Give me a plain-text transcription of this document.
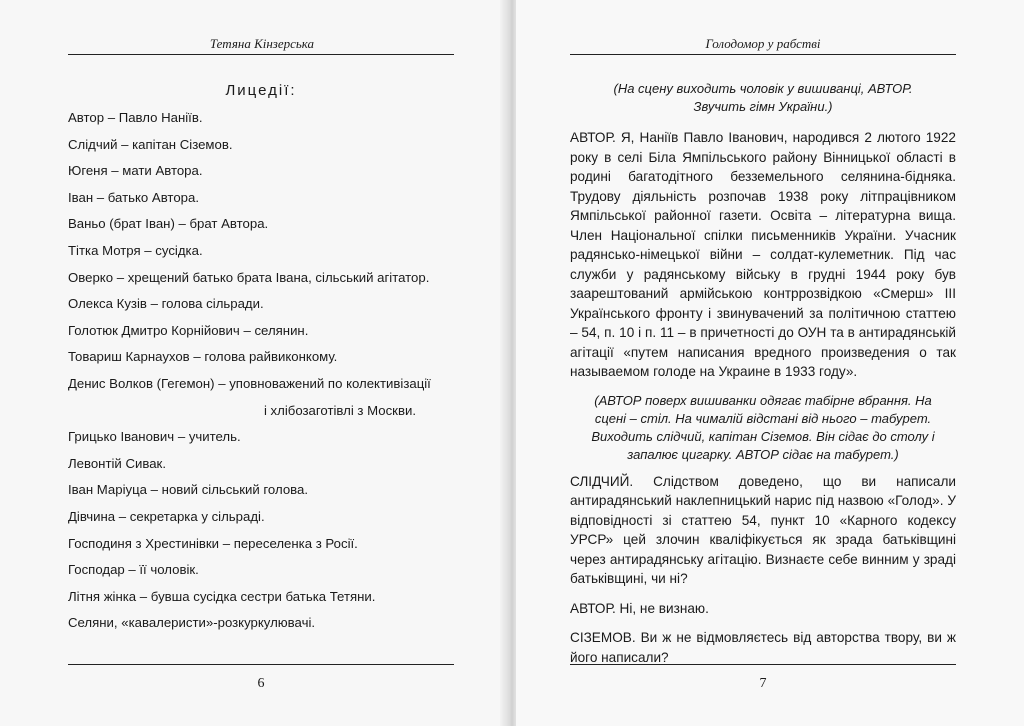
Тетяна Кінзерська
Лицедії:
Автор – Павло Наніїв.
Слідчий – капітан Сіземов.
Югеня – мати Автора.
Іван – батько Автора.
Ваньо (брат Іван) – брат Автора.
Тітка Мотря – сусідка.
Оверко – хрещений батько брата Івана, сільський агітатор.
Олекса Кузів – голова сільради.
Голотюк Дмитро Корнійович – селянин.
Товариш Карнаухов – голова райвиконкому.
Денис Волков (Гегемон) – уповноважений по колективізації
і хлібозаготівлі з Москви.
Грицько Іванович – учитель.
Левонтій Сивак.
Іван Маріуца – новий сільський голова.
Дівчина – секретарка у сільраді.
Господиня з Хрестинівки – переселенка з Росії.
Господар – її чоловік.
Літня жінка – бувша сусідка сестри батька Тетяни.
Селяни, «кавалеристи»-розкуркулювачі.
6
Голодомор у рабстві
(На сцену виходить чоловік у вишиванці, АВТОР. Звучить гімн України.)

АВТОР. Я, Наніїв Павло Іванович, народився 2 лютого 1922 року в селі Біла Ямпільського району Вінницької області в родині багатодітного безземельного селянина-бідняка. Трудову діяльність розпочав 1938 року літпрацівником Ямпільської районної газети. Освіта – літературна вища. Член Національної спілки письменників України. Учасник радянсько-німецької війни – солдат-кулеметник. Під час служби у радянському війську в грудні 1944 року був заарештований армійською контррозвідкою «Смерш» ІІІ Українського фронту і звинувачений за політичною статтею – 54, п. 10 і п. 11 – в причетності до ОУН та в антирадянській агітації «путем написания вредного произведения о так называемом голоде на Украине в 1933 году».

(АВТОР поверх вишиванки одягає табірне вбрання. На сцені – стіл. На чималій відстані від нього – табурет. Виходить слідчий, капітан Сіземов. Він сідає до столу і запалює цигарку. АВТОР сідає на табурет.)

СЛІДЧИЙ. Слідством доведено, що ви написали антирадянський наклепницький нарис під назвою «Голод». У відповідності зі статтею 54, пункт 10 «Карного кодексу УРСР» цей злочин кваліфікується як зрада батьківщині через антирадянську агітацію. Визнаєте себе винним у зраді батьківщині, чи ні?

АВТОР. Ні, не визнаю.

СІЗЕМОВ. Ви ж не відмовляєтесь від авторства твору, ви ж його написали?

7
